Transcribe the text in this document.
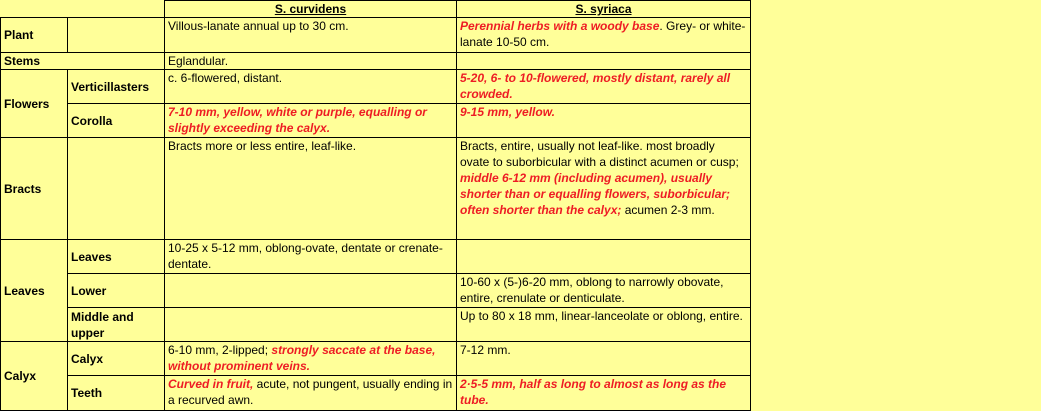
		S. curvidens	S. syriaca
Plant		Villous-lanate annual up to 30 cm.	Perennial herbs with a woody base. Grey- or white-lanate 10-50 cm.
Stems		Eglandular.	
Flowers	Verticillasters	c. 6-flowered, distant.	5-20, 6- to 10-flowered, mostly distant, rarely all crowded.
	Corolla	7-10 mm, yellow, white or purple, equalling or slightly exceeding the calyx.	9-15 mm, yellow.
Bracts		Bracts more or less entire, leaf-like.	Bracts, entire, usually not leaf-like. most broadly ovate to suborbicular with a distinct acumen or cusp; middle 6-12 mm (including acumen), usually shorter than or equalling flowers, suborbicular; often shorter than the calyx; acumen 2-3 mm.
Leaves	Leaves	10-25 x 5-12 mm, oblong-ovate, dentate or crenate-dentate.	
	Lower		10-60 x (5-)6-20 mm, oblong to narrowly obovate, entire, crenulate or denticulate.
	Middle and upper		Up to 80 x 18 mm, linear-lanceolate or oblong, entire.
Calyx	Calyx	6-10 mm, 2-lipped; strongly saccate at the base, without prominent veins.	7-12 mm.
	Teeth	Curved in fruit, acute, not pungent, usually ending in a recurved awn.	2·5-5 mm, half as long to almost as long as the tube.
